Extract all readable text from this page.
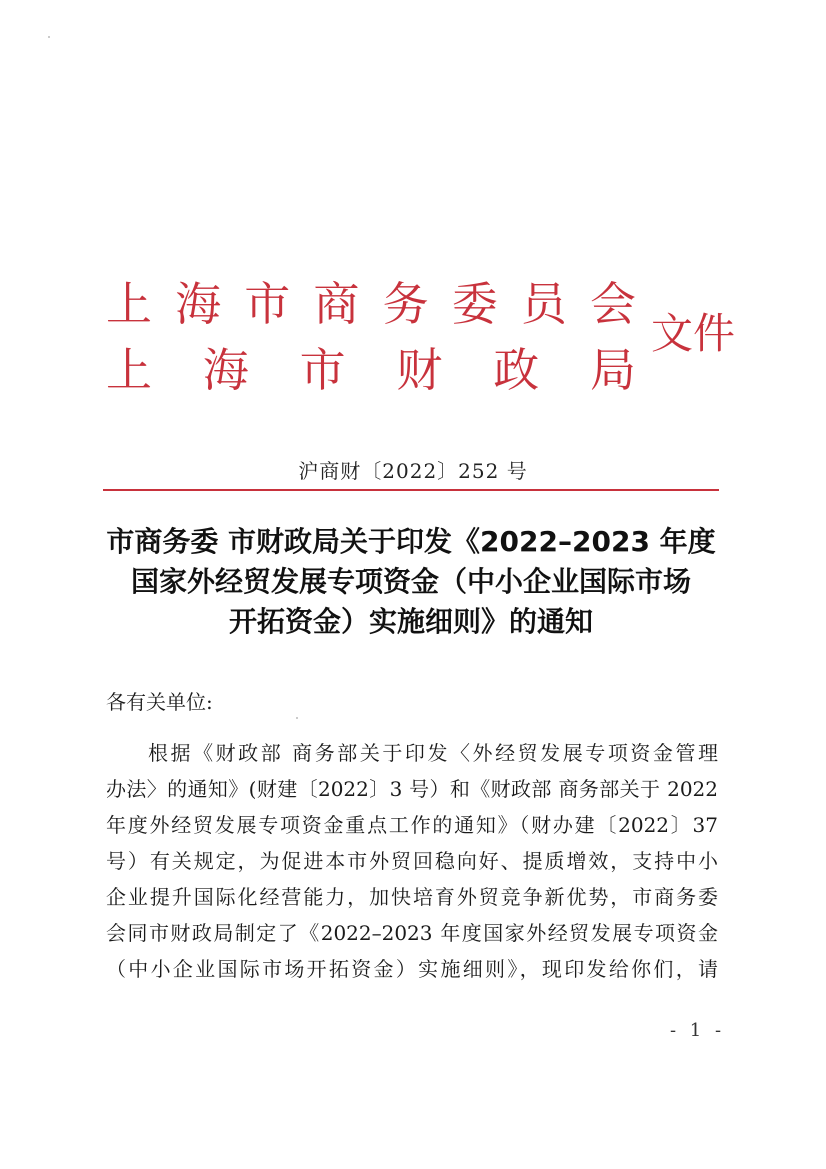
上 海 市 商 务 委 员 会
上 海 市 财 政 局
文件
沪商财〔2022〕252 号
市商务委 市财政局关于印发《2022–2023 年度
国家外经贸发展专项资金（中小企业国际市场
开拓资金）实施细则》的通知
各有关单位:
根据《财政部 商务部关于印发〈外经贸发展专项资金管理
办法〉的通知》(财建〔2022〕3 号）和《财政部 商务部关于 2022
年度外经贸发展专项资金重点工作的通知》（财办建〔2022〕37
号）有关规定，为促进本市外贸回稳向好、提质增效，支持中小
企业提升国际化经营能力，加快培育外贸竞争新优势，市商务委
会同市财政局制定了《2022–2023 年度国家外经贸发展专项资金
（中小企业国际市场开拓资金）实施细则》，现印发给你们，请
- 1 -
